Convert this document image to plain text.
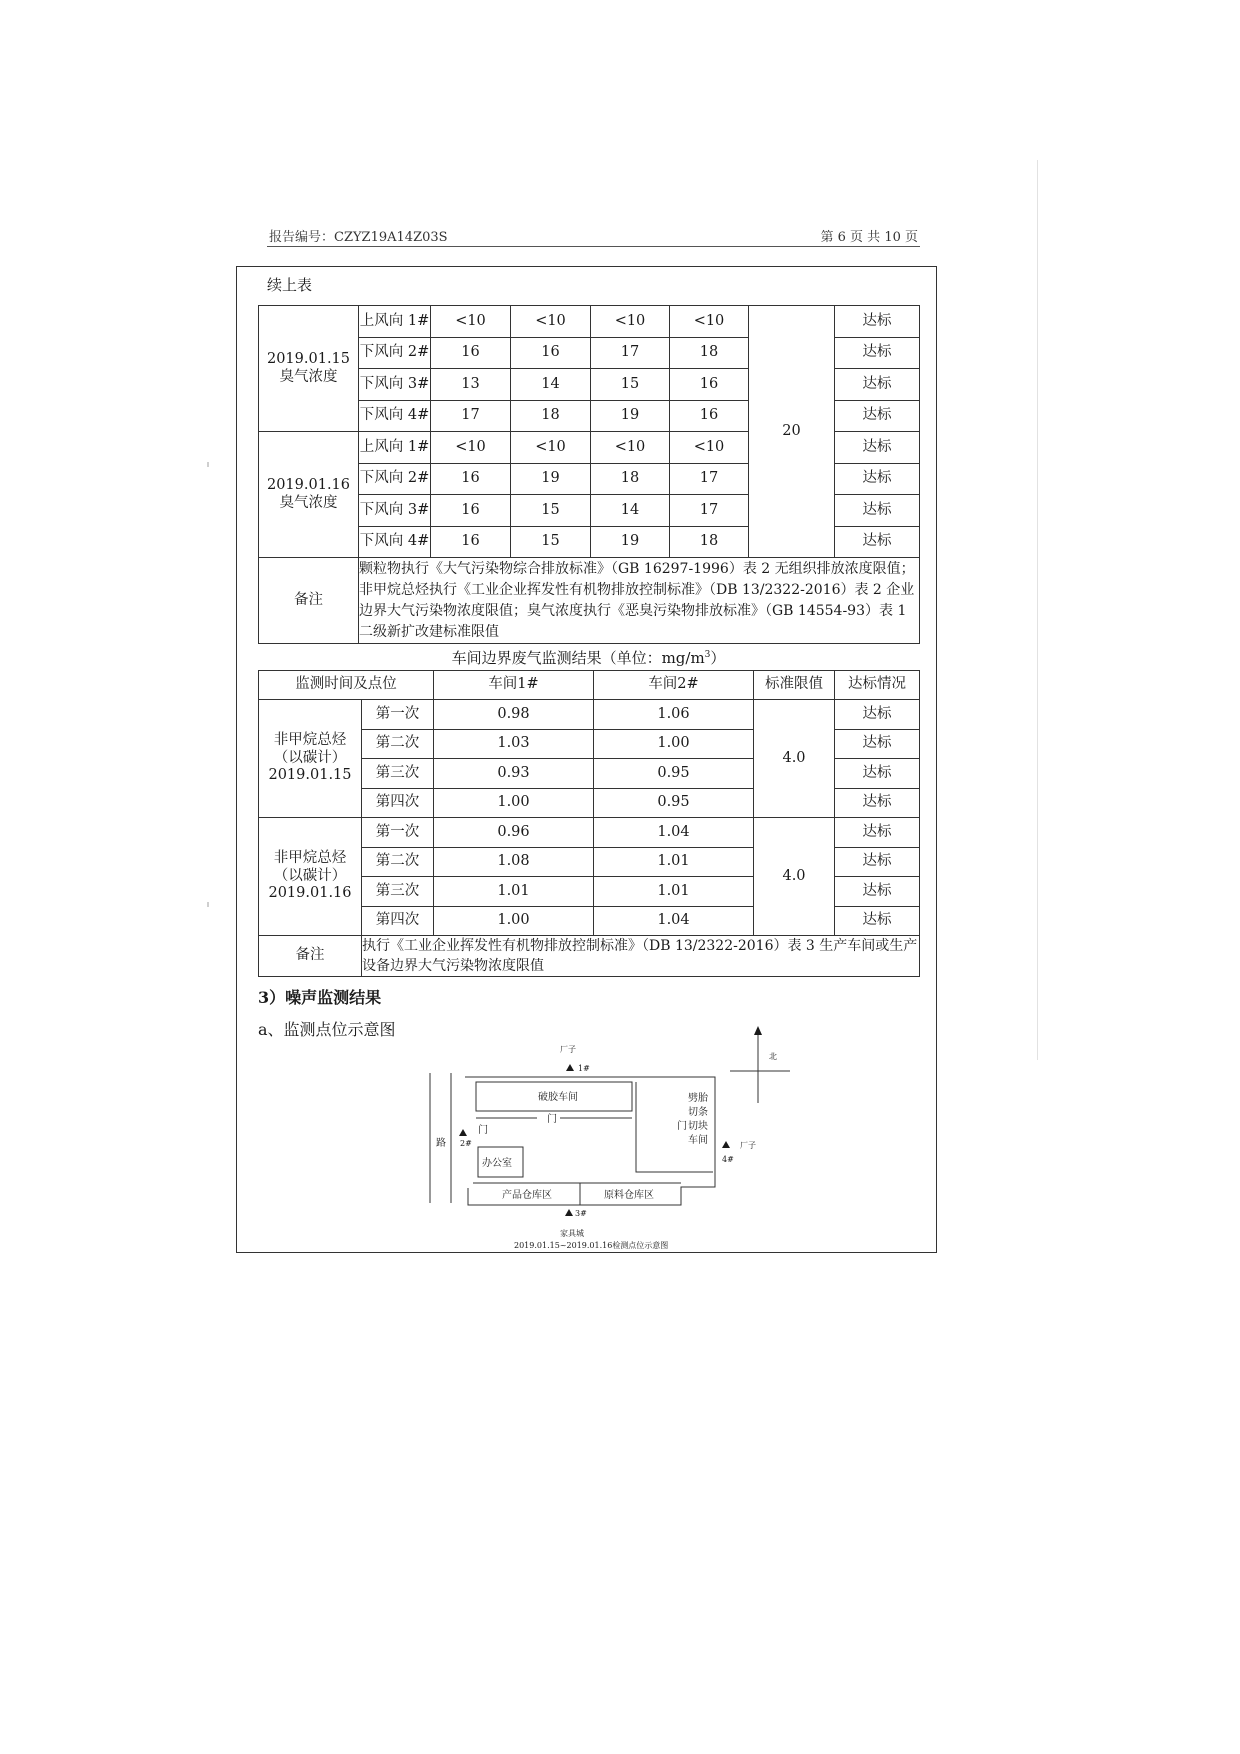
报告编号：CZYZ19A14Z03S	第 6 页 共 10 页
续上表
2019.01.15
臭气浓度	上风向 1#	<10	<10	<10	<10	20	达标
	下风向 2#	16	16	17	18		达标
	下风向 3#	13	14	15	16		达标
	下风向 4#	17	18	19	16		达标

2019.01.16
臭气浓度	上风向 1#	<10	<10	<10	<10		达标
	下风向 2#	16	19	18	17		达标
	下风向 3#	16	15	14	17		达标
	下风向 4#	16	15	19	18		达标
备注	颗粒物执行《大气污染物综合排放标准》（GB 16297-1996）表 2 无组织排放浓度限值；非甲烷总烃执行《工业企业挥发性有机物排放控制标准》（DB 13/2322-2016）表 2 企业边界大气污染物浓度限值；臭气浓度执行《恶臭污染物排放标准》（GB 14554-93）表 1 二级新扩改建标准限值						
车间边界废气监测结果（单位：$mg/m^3$）
监测时间及点位		车间1#	车间2#	标准限值	达标情况

非甲烷总烃
（以碳计）
2019.01.15	第一次	0.98	1.06	4.0	达标
	第二次	1.03	1.00		达标
	第三次	0.93	0.95		达标
	第四次	1.00	0.95		达标

非甲烷总烃
（以碳计）
2019.01.16	第一次	0.96	1.04	4.0	达标
	第二次	1.08	1.01		达标
	第三次	1.01	1.01		达标
	第四次	1.00	1.04		达标
备注	执行《工业企业挥发性有机物排放控制标准》（DB 13/2322-2016）表 3 生产车间或生产设备边界大气污染物浓度限值				
3）噪声监测结果
a、监测点位示意图
路
破胶车间
门
劈胎
切条
门 切块
车间
门
办公室
产品仓库区	原料仓库区
1#
厂子
2#	厂子
4#
3#
家具城
北
2019.01.15~2019.01.16检测点位示意图
